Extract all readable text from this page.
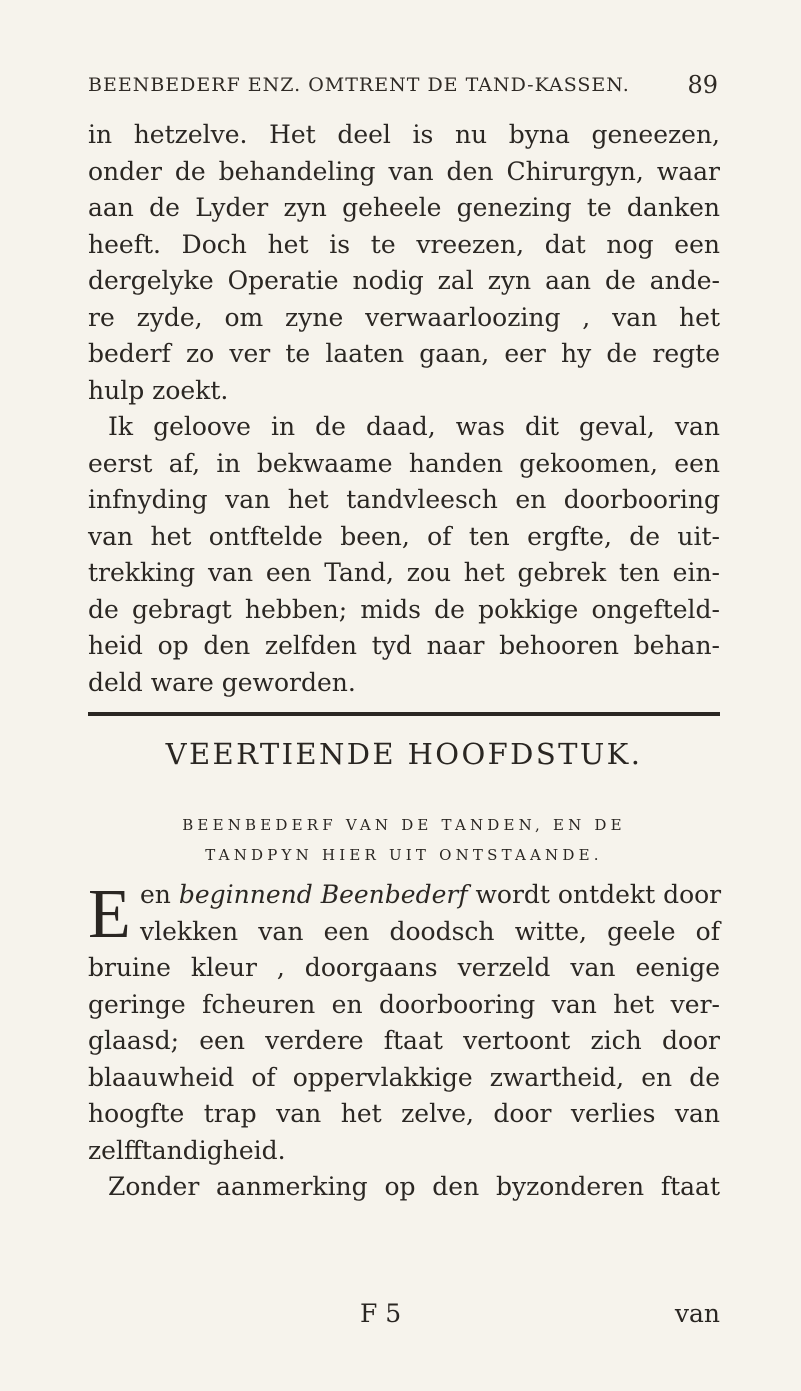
BEENBEDERF ENZ. OMTRENT DE TAND-KASSEN. 89
in hetzelve. Het deel is nu byna geneezen,
onder de behandeling van den Chirurgyn, waar
aan de Lyder zyn geheele genezing te danken
heeft. Doch het is te vreezen, dat nog een
dergelyke Operatie nodig zal zyn aan de ande-
re zyde, om zyne verwaarloozing , van het
bederf zo ver te laaten gaan, eer hy de regte
hulp zoekt.
Ik geloove in de daad, was dit geval, van
eerst af, in bekwaame handen gekoomen, een
infnyding van het tandvleesch en doorbooring
van het ontftelde been, of ten ergfte, de uit-
trekking van een Tand, zou het gebrek ten ein-
de gebragt hebben; mids de pokkige ongefteld-
heid op den zelfden tyd naar behooren behan-
deld ware geworden.
VEERTIENDE HOOFDSTUK.
BEENBEDERF VAN DE TANDEN, EN DE
TANDPYN HIER UIT ONTSTAANDE.
E en beginnend Beenbederf wordt ontdekt door
vlekken van een doodsch witte, geele of
bruine kleur , doorgaans verzeld van eenige
geringe fcheuren en doorbooring van het ver-
glaasd; een verdere ftaat vertoont zich door
blaauwheid of oppervlakkige zwartheid, en de
hoogfte trap van het zelve, door verlies van
zelfftandigheid.
Zonder aanmerking op den byzonderen ftaat
F 5	van
